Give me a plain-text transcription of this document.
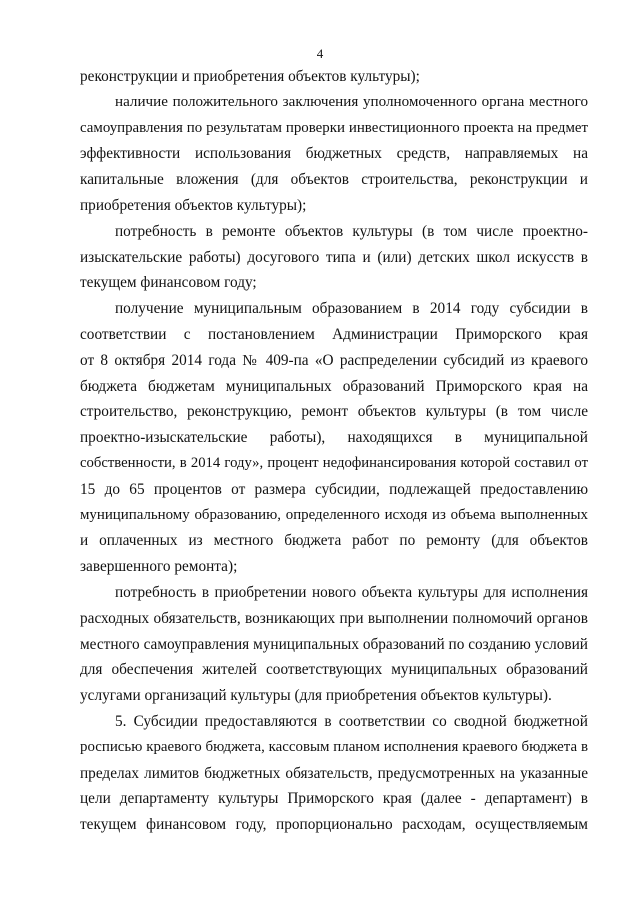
4
реконструкции и приобретения объектов культуры);
наличие положительного заключения уполномоченного органа местного
самоуправления по результатам проверки инвестиционного проекта на предмет
эффективности использования бюджетных средств, направляемых на
капитальные вложения (для объектов строительства, реконструкции и
приобретения объектов культуры);
потребность в ремонте объектов культуры (в том числе проектно-
изыскательские работы) досугового типа и (или) детских школ искусств в
текущем финансовом году;
получение муниципальным образованием в 2014 году субсидии в
соответствии с постановлением Администрации Приморского края
от 8 октября 2014 года № 409-па «О распределении субсидий из краевого
бюджета бюджетам муниципальных образований Приморского края на
строительство, реконструкцию, ремонт объектов культуры (в том числе
проектно-изыскательские работы), находящихся в муниципальной
собственности, в 2014 году», процент недофинансирования которой составил от
15 до 65 процентов от размера субсидии, подлежащей предоставлению
муниципальному образованию, определенного исходя из объема выполненных
и оплаченных из местного бюджета работ по ремонту (для объектов
завершенного ремонта);
потребность в приобретении нового объекта культуры для исполнения
расходных обязательств, возникающих при выполнении полномочий органов
местного самоуправления муниципальных образований по созданию условий
для обеспечения жителей соответствующих муниципальных образований
услугами организаций культуры (для приобретения объектов культуры).
5. Субсидии предоставляются в соответствии со сводной бюджетной
росписью краевого бюджета, кассовым планом исполнения краевого бюджета в
пределах лимитов бюджетных обязательств, предусмотренных на указанные
цели департаменту культуры Приморского края (далее - департамент) в
текущем финансовом году, пропорционально расходам, осуществляемым
